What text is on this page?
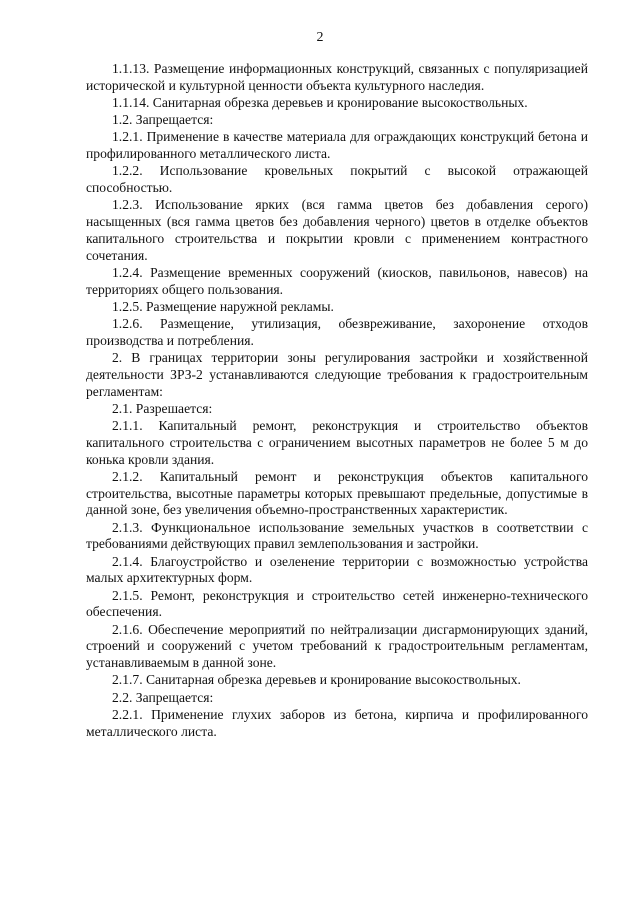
2

1.1.13. Размещение информационных конструкций, связанных с популяризацией исторической и культурной ценности объекта культурного наследия.

1.1.14. Санитарная обрезка деревьев и кронирование высокоствольных.

1.2. Запрещается:

1.2.1. Применение в качестве материала для ограждающих конструкций бетона и профилированного металлического листа.

1.2.2. Использование кровельных покрытий с высокой отражающей способностью.

1.2.3. Использование ярких (вся гамма цветов без добавления серого) насыщенных (вся гамма цветов без добавления черного) цветов в отделке объектов капитального строительства и покрытии кровли с применением контрастного сочетания.

1.2.4. Размещение временных сооружений (киосков, павильонов, навесов) на территориях общего пользования.

1.2.5. Размещение наружной рекламы.

1.2.6. Размещение, утилизация, обезвреживание, захоронение отходов производства и потребления.

2. В границах территории зоны регулирования застройки и хозяйственной деятельности ЗРЗ-2 устанавливаются следующие требования к градостроительным регламентам:

2.1. Разрешается:

2.1.1. Капитальный ремонт, реконструкция и строительство объектов капитального строительства с ограничением высотных параметров не более 5 м до конька кровли здания.

2.1.2. Капитальный ремонт и реконструкция объектов капитального строительства, высотные параметры которых превышают предельные, допустимые в данной зоне, без увеличения объемно-пространственных характеристик.

2.1.3. Функциональное использование земельных участков в соответствии с требованиями действующих правил землепользования и застройки.

2.1.4. Благоустройство и озеленение территории с возможностью устройства малых архитектурных форм.

2.1.5. Ремонт, реконструкция и строительство сетей инженерно-технического обеспечения.

2.1.6. Обеспечение мероприятий по нейтрализации дисгармонирующих зданий, строений и сооружений с учетом требований к градостроительным регламентам, устанавливаемым в данной зоне.

2.1.7. Санитарная обрезка деревьев и кронирование высокоствольных.

2.2. Запрещается:

2.2.1. Применение глухих заборов из бетона, кирпича и профилированного металлического листа.
